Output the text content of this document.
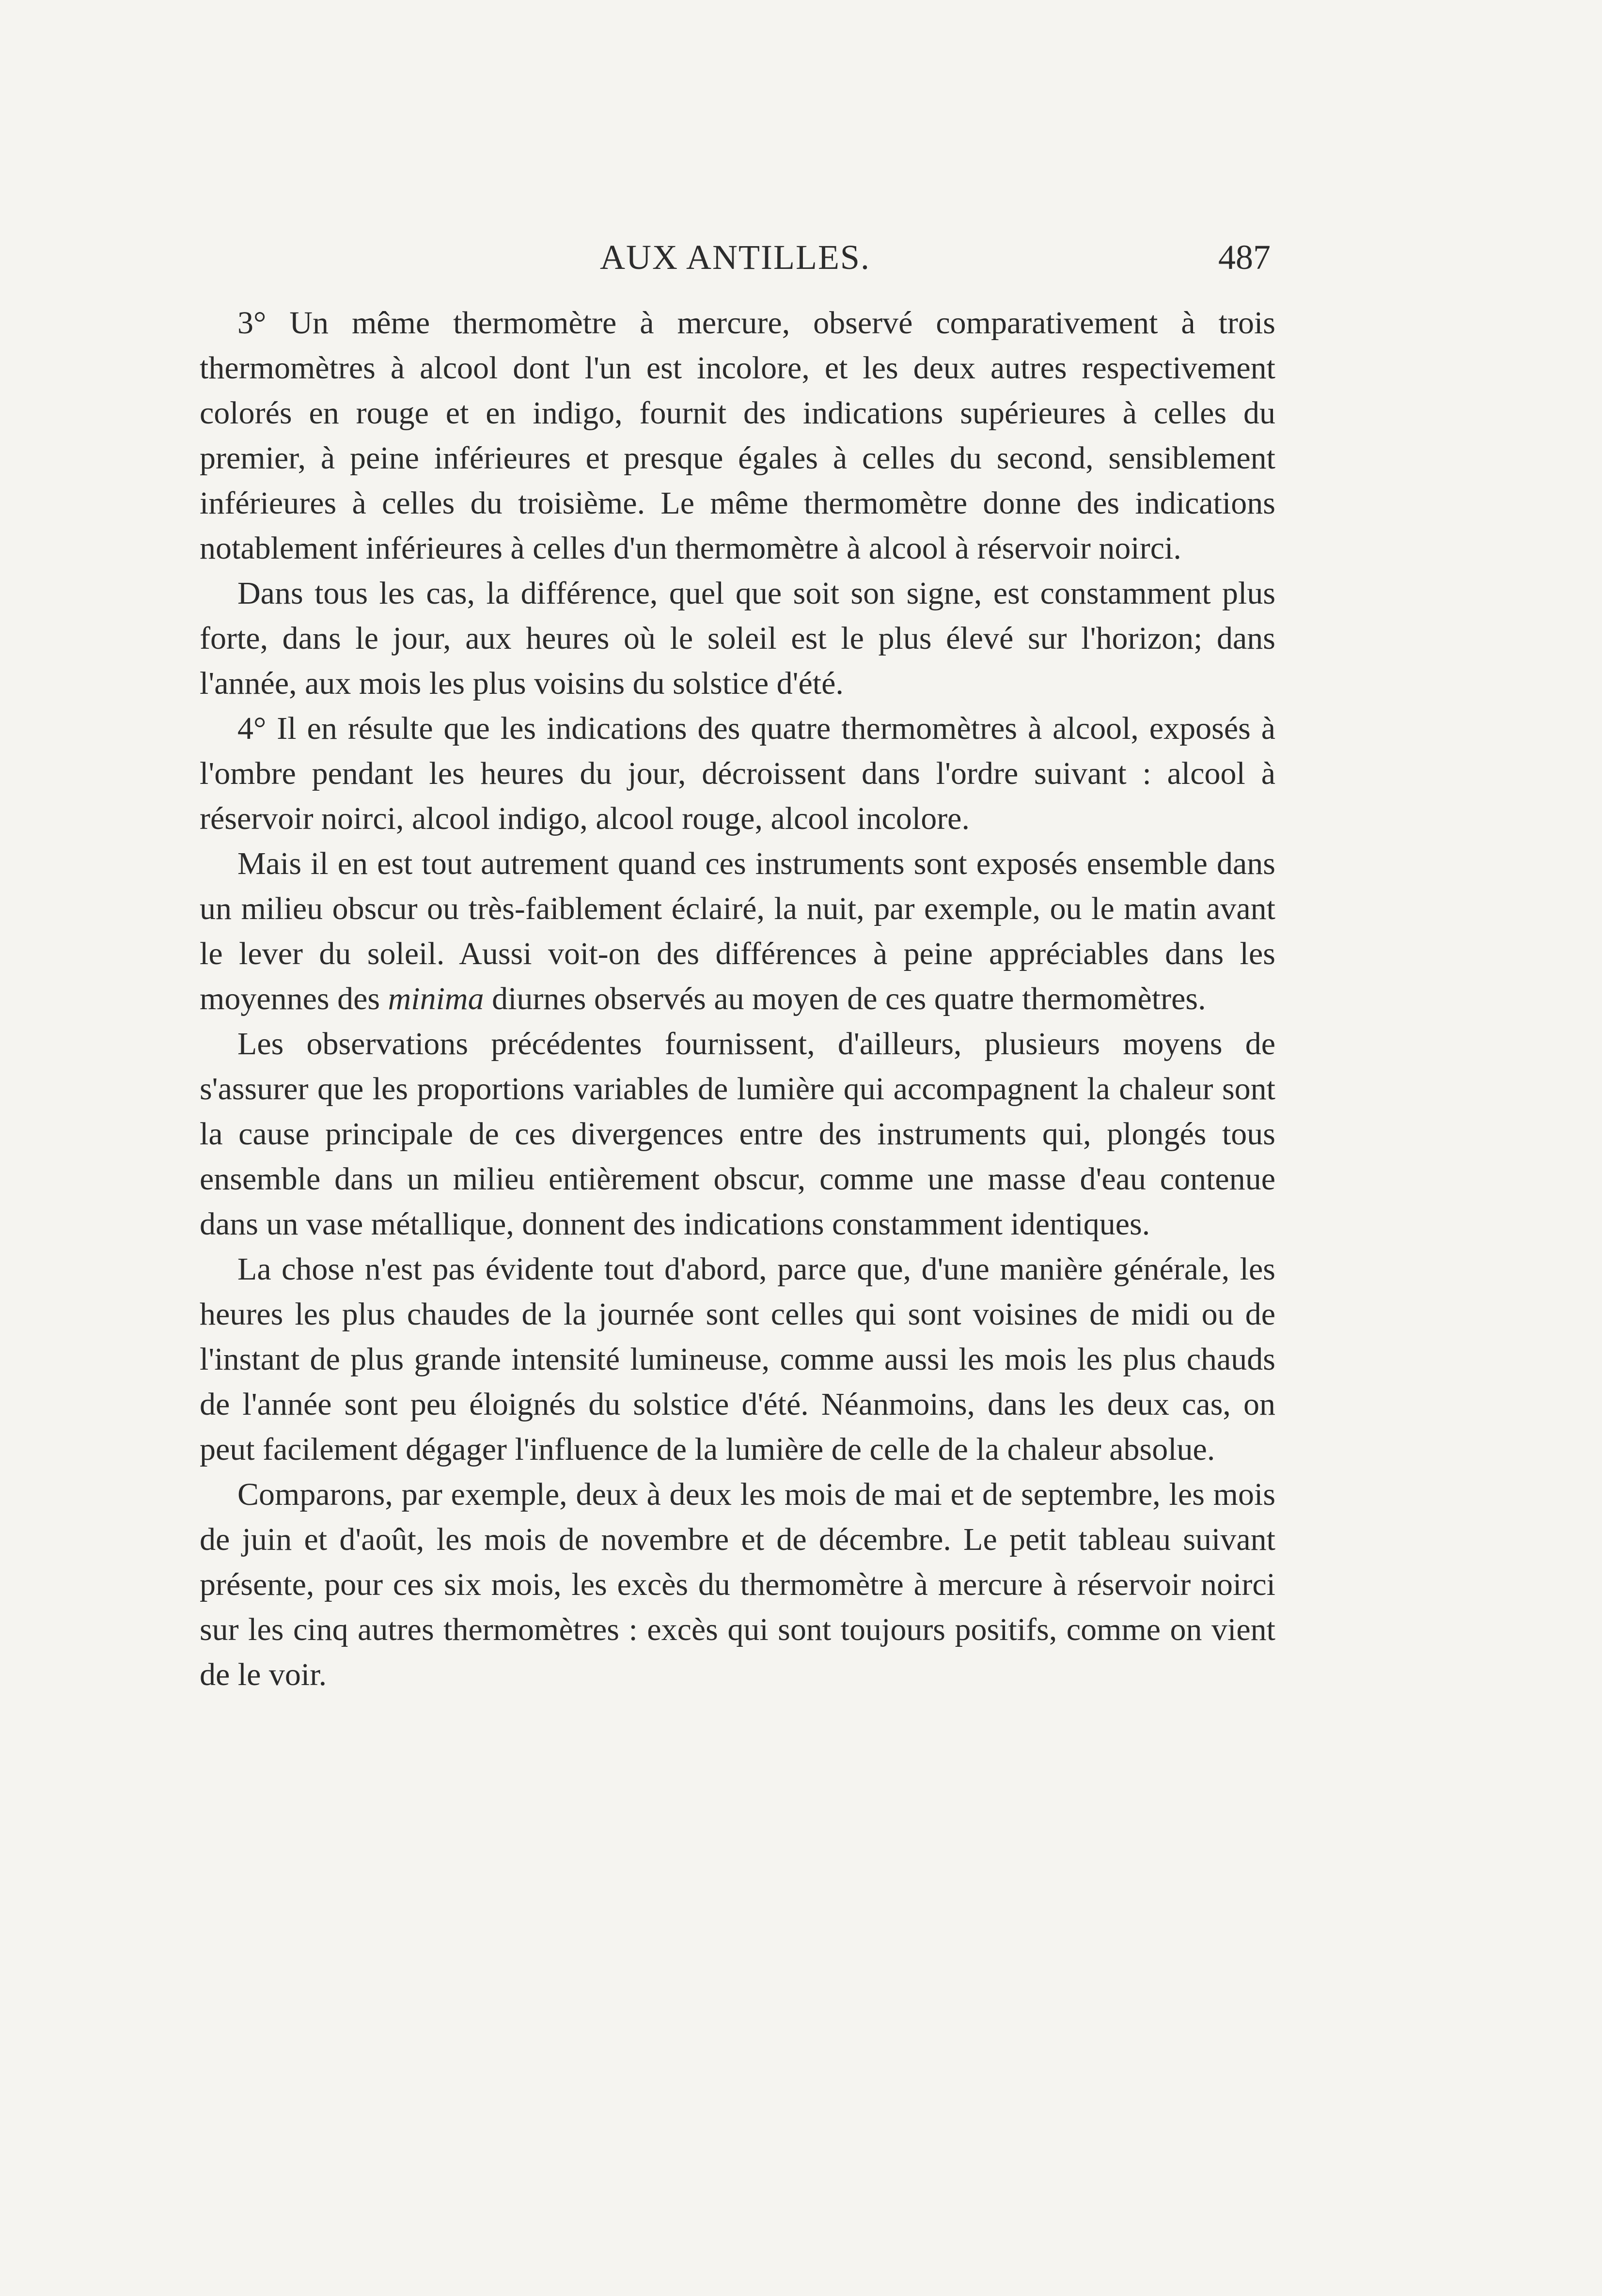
AUX ANTILLES.	487

3° Un même thermomètre à mercure, observé comparativement à trois thermomètres à alcool dont l'un est incolore, et les deux autres respectivement colorés en rouge et en indigo, fournit des indications supérieures à celles du premier, à peine inférieures et presque égales à celles du second, sensiblement inférieures à celles du troisième. Le même thermomètre donne des indications notablement inférieures à celles d'un thermomètre à alcool à réservoir noirci.

Dans tous les cas, la différence, quel que soit son signe, est constamment plus forte, dans le jour, aux heures où le soleil est le plus élevé sur l'horizon; dans l'année, aux mois les plus voisins du solstice d'été.

4° Il en résulte que les indications des quatre thermomètres à alcool, exposés à l'ombre pendant les heures du jour, décroissent dans l'ordre suivant : alcool à réservoir noirci, alcool indigo, alcool rouge, alcool incolore.

Mais il en est tout autrement quand ces instruments sont exposés ensemble dans un milieu obscur ou très-faiblement éclairé, la nuit, par exemple, ou le matin avant le lever du soleil. Aussi voit-on des différences à peine appréciables dans les moyennes des minima diurnes observés au moyen de ces quatre thermomètres.

Les observations précédentes fournissent, d'ailleurs, plusieurs moyens de s'assurer que les proportions variables de lumière qui accompagnent la chaleur sont la cause principale de ces divergences entre des instruments qui, plongés tous ensemble dans un milieu entièrement obscur, comme une masse d'eau contenue dans un vase métallique, donnent des indications constamment identiques.

La chose n'est pas évidente tout d'abord, parce que, d'une manière générale, les heures les plus chaudes de la journée sont celles qui sont voisines de midi ou de l'instant de plus grande intensité lumineuse, comme aussi les mois les plus chauds de l'année sont peu éloignés du solstice d'été. Néanmoins, dans les deux cas, on peut facilement dégager l'influence de la lumière de celle de la chaleur absolue.

Comparons, par exemple, deux à deux les mois de mai et de septembre, les mois de juin et d'août, les mois de novembre et de décembre. Le petit tableau suivant présente, pour ces six mois, les excès du thermomètre à mercure à réservoir noirci sur les cinq autres thermomètres : excès qui sont toujours positifs, comme on vient de le voir.
